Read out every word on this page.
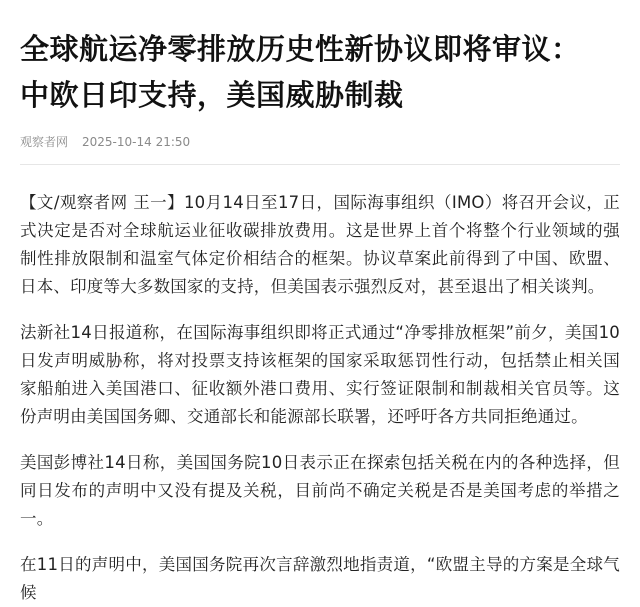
全球航运净零排放历史性新协议即将审议：
中欧日印支持，美国威胁制裁
观察者网 2025-10-14 21:50

【文/观察者网 王一】10月14日至17日，国际海事组织（IMO）将召开会议，正式决定是否对全球航运业征收碳排放费用。这是世界上首个将整个行业领域的强制性排放限制和温室气体定价相结合的框架。协议草案此前得到了中国、欧盟、日本、印度等大多数国家的支持，但美国表示强烈反对，甚至退出了相关谈判。

法新社14日报道称，在国际海事组织即将正式通过“净零排放框架”前夕，美国10日发声明威胁称，将对投票支持该框架的国家采取惩罚性行动，包括禁止相关国家船舶进入美国港口、征收额外港口费用、实行签证限制和制裁相关官员等。这份声明由美国国务卿、交通部长和能源部长联署，还呼吁各方共同拒绝通过。

美国彭博社14日称，美国国务院10日表示正在探索包括关税在内的各种选择，但同日发布的声明中又没有提及关税，目前尚不确定关税是否是美国考虑的举措之一。

在11日的声明中，美国国务院再次言辞激烈地指责道，“欧盟主导的方案是全球气候
